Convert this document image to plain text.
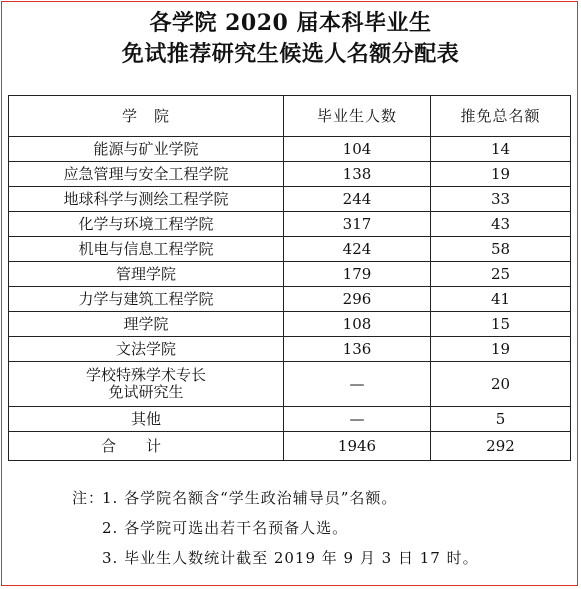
各学院 2020 届本科毕业生
免试推荐研究生候选人名额分配表
学　院	毕业生人数	推免总名额
能源与矿业学院	104	14
应急管理与安全工程学院	138	19
地球科学与测绘工程学院	244	33
化学与环境工程学院	317	43
机电与信息工程学院	424	58
管理学院	179	25
力学与建筑工程学院	296	41
理学院	108	15
文法学院	136	19

学校特殊学术专长
免试研究生	—	20
其他	—	5
合计	1946	292
注：1. 各学院名额含“学生政治辅导员”名额。
2. 各学院可选出若干名预备人选。
3. 毕业生人数统计截至 2019 年 9 月 3 日 17 时。
